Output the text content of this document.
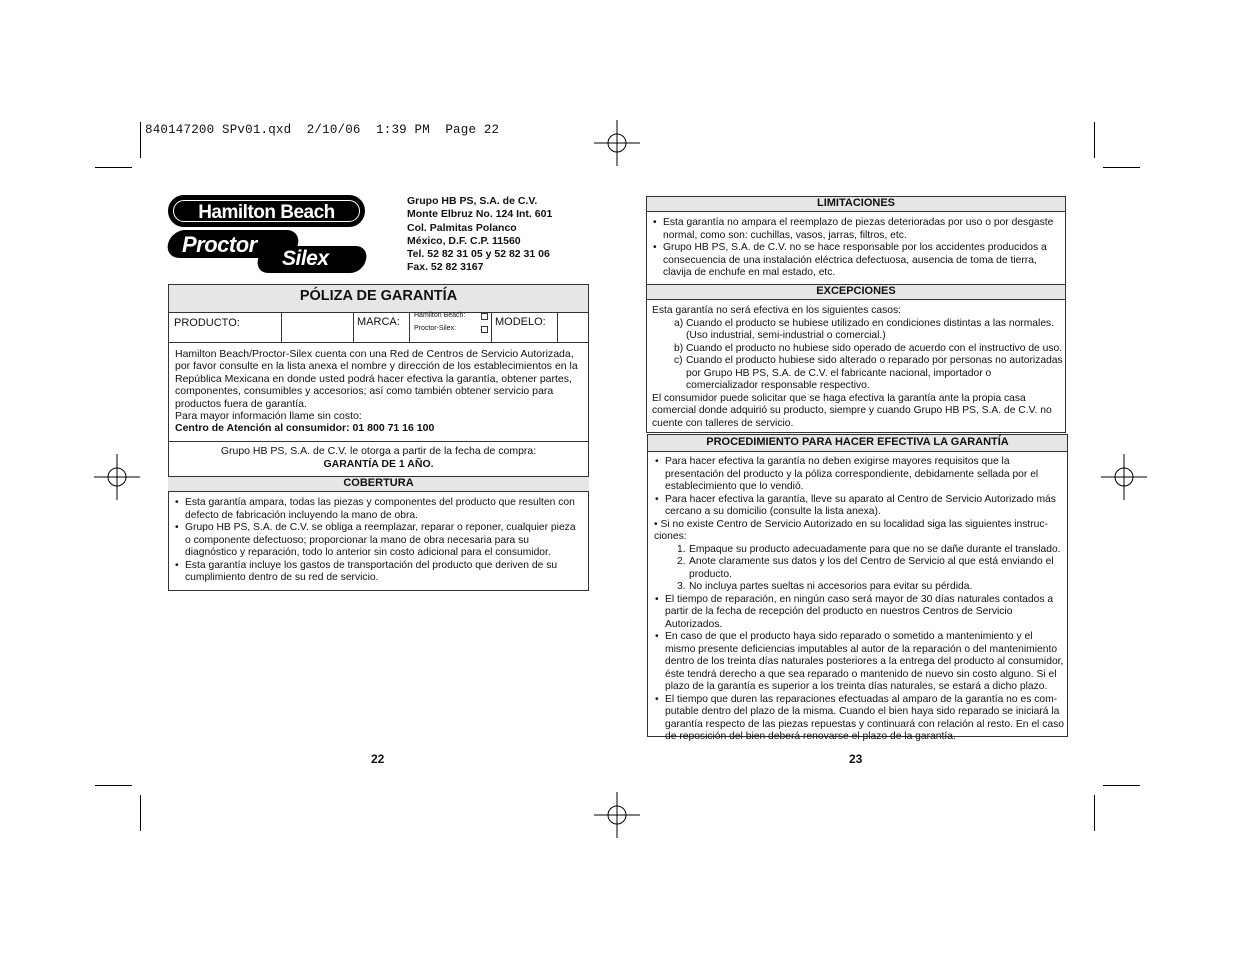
840147200 SPv01.qxd  2/10/06  1:39 PM  Page 22
Hamilton Beach
Proctor
Silex
Grupo HB PS, S.A. de C.V.
Monte Elbruz No. 124 Int. 601
Col. Palmitas Polanco
México, D.F. C.P. 11560
Tel. 52 82 31 05 y 52 82 31 06
Fax. 52 82 3167
PÓLIZA DE GARANTÍA
PRODUCTO:	MARCA:
Hamilton Beach:
Proctor-Silex:
MODELO:
Hamilton Beach/Proctor-Silex cuenta con una Red de Centros de Servicio Autorizada, por favor consulte en la lista anexa el nombre y dirección de los establecimientos en la República Mexicana en donde usted podrá hacer efectiva la garantía, obtener partes, componentes, consumibles y accesorios; así como también obtener servicio para productos fuera de garantía.
Para mayor información llame sin costo:
Centro de Atención al consumidor: 01 800 71 16 100
Grupo HB PS, S.A. de C.V. le otorga a partir de la fecha de compra:
GARANTÍA DE 1 AÑO.
COBERTURA
• Esta garantía ampara, todas las piezas y componentes del producto que resulten con defecto de fabricación incluyendo la mano de obra.
• Grupo HB PS, S.A. de C.V. se obliga a reemplazar, reparar o reponer, cualquier pieza o componente defectuoso; proporcionar la mano de obra necesaria para su diagnóstico y reparación, todo lo anterior sin costo adicional para el consumidor.
• Esta garantía incluye los gastos de transportación del producto que deriven de su cumplimiento dentro de su red de servicio.
22
LIMITACIONES
• Esta garantía no ampara el reemplazo de piezas deterioradas por uso o por desgaste normal, como son: cuchillas, vasos, jarras, filtros, etc.
• Grupo HB PS, S.A. de C.V. no se hace responsable por los accidentes producidos a consecuencia de una instalación eléctrica defectuosa, ausencia de toma de tierra, clavija de enchufe en mal estado, etc.
EXCEPCIONES
Esta garantía no será efectiva en los siguientes casos:
a) Cuando el producto se hubiese utilizado en condiciones distintas a las normales.
(Uso industrial, semi-industrial o comercial.)
b) Cuando el producto no hubiese sido operado de acuerdo con el instructivo de uso.
c) Cuando el producto hubiese sido alterado o reparado por personas no autorizadas
por Grupo HB PS, S.A. de C.V. el fabricante nacional, importador o comercializador responsable respectivo.
El consumidor puede solicitar que se haga efectiva la garantía ante la propia casa comercial donde adquirió su producto, siempre y cuando Grupo HB PS, S.A. de C.V. no cuente con talleres de servicio.
PROCEDIMIENTO PARA HACER EFECTIVA LA GARANTÍA
• Para hacer efectiva la garantía no deben exigirse mayores requisitos que la presentación del producto y la póliza correspondiente, debidamente sellada por el establecimiento que lo vendió.
• Para hacer efectiva la garantía, lleve su aparato al Centro de Servicio Autorizado más cercano a su domicilio (consulte la lista anexa).
• Si no existe Centro de Servicio Autorizado en su localidad siga las siguientes instruc-
ciones:
1. Empaque su producto adecuadamente para que no se dañe durante el translado.
2. Anote claramente sus datos y los del Centro de Servicio al que está enviando el producto.
3. No incluya partes sueltas ni accesorios para evitar su pérdida.
• El tiempo de reparación, en ningún caso será mayor de 30 días naturales contados a partir de la fecha de recepción del producto en nuestros Centros de Servicio Autorizados.
• En caso de que el producto haya sido reparado o sometido a mantenimiento y el mismo presente deficiencias imputables al autor de la reparación o del mantenimiento dentro de los treinta días naturales posteriores a la entrega del producto al consumidor, éste tendrá derecho a que sea reparado o mantenido de nuevo sin costo alguno. Si el plazo de la garantía es superior a los treinta días naturales, se estará a dicho plazo.
• El tiempo que duren las reparaciones efectuadas al amparo de la garantía no es com- putable dentro del plazo de la misma. Cuando el bien haya sido reparado se iniciará la garantía respecto de las piezas repuestas y continuará con relación al resto. En el caso de reposición del bien deberá renovarse el plazo de la garantía.
23
